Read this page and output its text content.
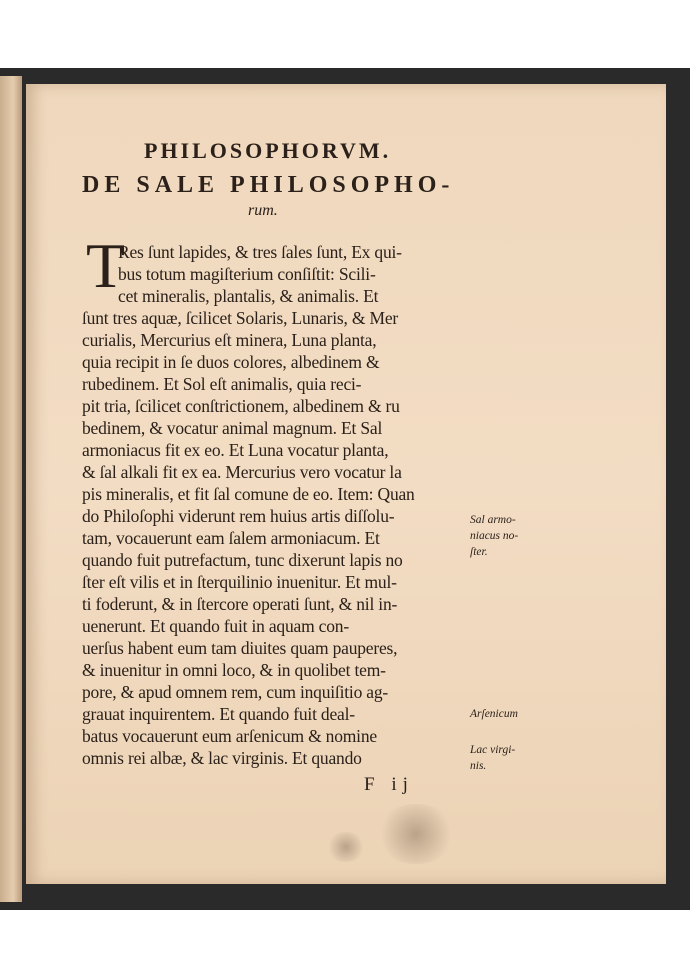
PHILOSOPHORVM.
DE SALE PHILOSOPHO-
rum.
T
Res ſunt lapides, & tres ſales ſunt, Ex qui-
bus totum magiſterium conſiſtit: Scili-
cet mineralis, plantalis, & animalis. Et
ſunt tres aquæ, ſcilicet Solaris, Lunaris, & Mer
curialis, Mercurius eſt minera, Luna planta,
quia recipit in ſe duos colores, albedinem &
rubedinem. Et Sol eſt animalis, quia reci-
pit tria, ſcilicet conſtrictionem, albedinem & ru
bedinem, & vocatur animal magnum. Et Sal
armoniacus fit ex eo. Et Luna vocatur planta,
& ſal alkali fit ex ea. Mercurius vero vocatur la
pis mineralis, et fit ſal comune de eo. Item: Quan
do Philoſophi viderunt rem huius artis diſſolu-
tam, vocauerunt eam ſalem armoniacum. Et
quando fuit putrefactum, tunc dixerunt lapis no
ſter eſt vilis et in ſterquilinio inuenitur. Et mul-
ti foderunt, & in ſtercore operati ſunt, & nil in-
uenerunt. Et quando fuit in aquam con-
uerſus habent eum tam diuites quam pauperes,
& inuenitur in omni loco, & in quolibet tem-
pore, & apud omnem rem, cum inquiſitio ag-
grauat inquirentem. Et quando fuit deal-
batus vocauerunt eum arſenicum & nomine
omnis rei albæ, & lac virginis. Et quando
Sal armo-
niacus no-
ſter.
Arſenicum
Lac virgi-
nis.
F ij
